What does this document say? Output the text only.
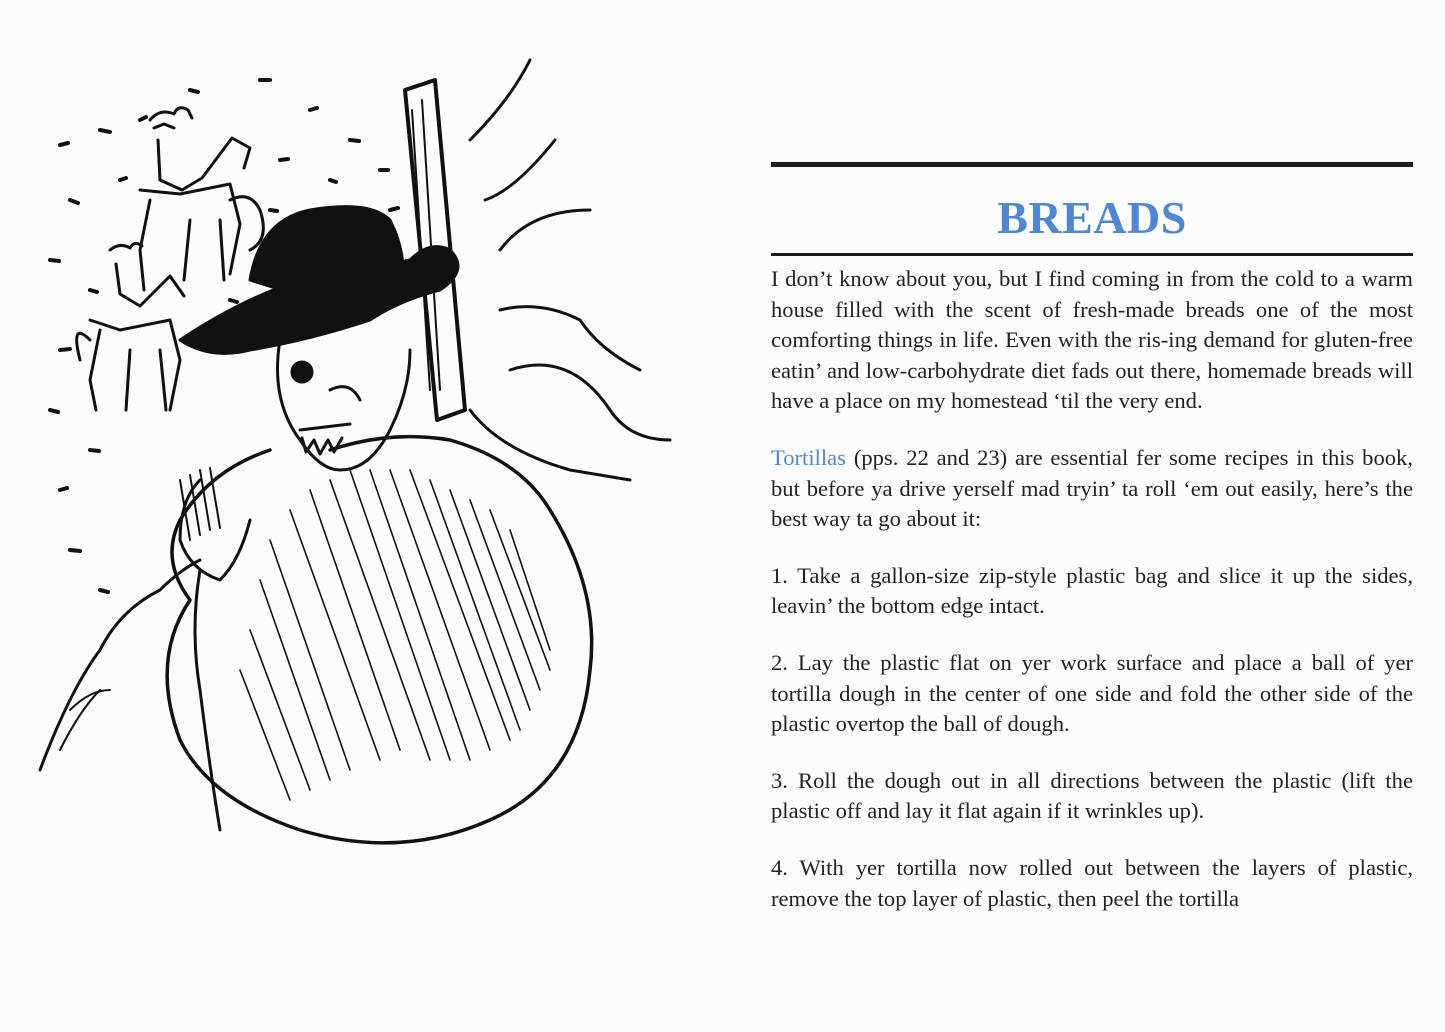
BREADS

I don’t know about you, but I find coming in from the cold to a warm house filled with the scent of fresh-made breads one of the most comforting things in life. Even with the ris-ing demand for gluten-free eatin’ and low-carbohydrate diet fads out there, homemade breads will have a place on my homestead ‘til the very end.

Tortillas (pps. 22 and 23) are essential fer some recipes in this book, but before ya drive yerself mad tryin’ ta roll ‘em out easily, here’s the best way ta go about it:

1. Take a gallon-size zip-style plastic bag and slice it up the sides, leavin’ the bottom edge intact.

2. Lay the plastic flat on yer work surface and place a ball of yer tortilla dough in the center of one side and fold the other side of the plastic overtop the ball of dough.

3. Roll the dough out in all directions between the plastic (lift the plastic off and lay it flat again if it wrinkles up).

4. With yer tortilla now rolled out between the layers of plastic, remove the top layer of plastic, then peel the tortilla
